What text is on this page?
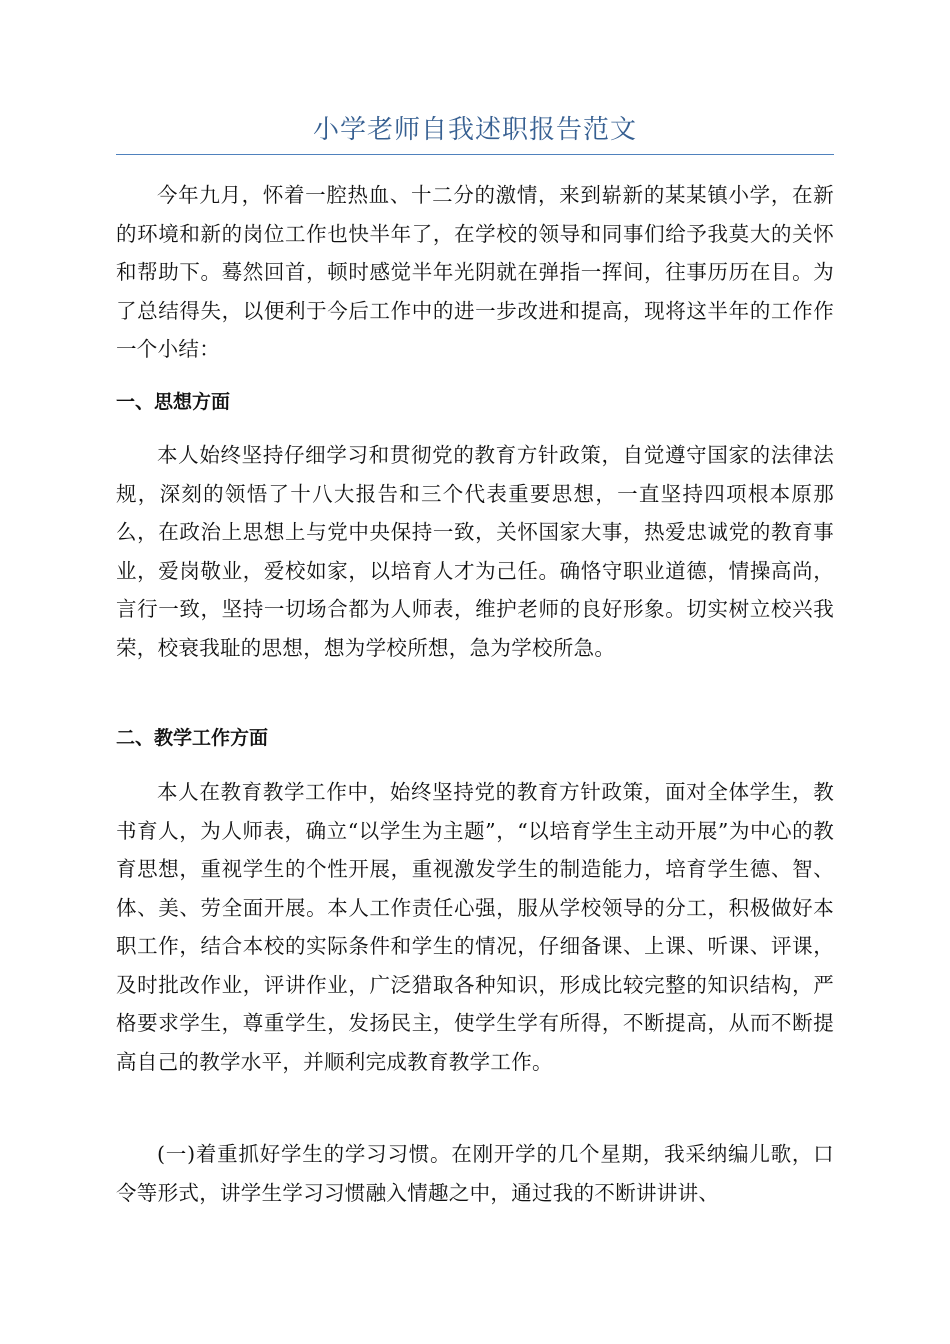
小学老师自我述职报告范文

今年九月，怀着一腔热血、十二分的激情，来到崭新的某某镇小学，在新的环境和新的岗位工作也快半年了，在学校的领导和同事们给予我莫大的关怀和帮助下。蓦然回首，顿时感觉半年光阴就在弹指一挥间，往事历历在目。为了总结得失，以便利于今后工作中的进一步改进和提高，现将这半年的工作作一个小结：

一、思想方面

本人始终坚持仔细学习和贯彻党的教育方针政策，自觉遵守国家的法律法规，深刻的领悟了十八大报告和三个代表重要思想，一直坚持四项根本原那么，在政治上思想上与党中央保持一致，关怀国家大事，热爱忠诚党的教育事业，爱岗敬业，爱校如家，以培育人才为己任。确恪守职业道德，情操高尚，言行一致，坚持一切场合都为人师表，维护老师的良好形象。切实树立校兴我荣，校衰我耻的思想，想为学校所想，急为学校所急。

二、教学工作方面

本人在教育教学工作中，始终坚持党的教育方针政策，面对全体学生，教书育人，为人师表，确立“以学生为主题”，“以培育学生主动开展”为中心的教育思想，重视学生的个性开展，重视激发学生的制造能力，培育学生德、智、体、美、劳全面开展。本人工作责任心强，服从学校领导的分工，积极做好本职工作，结合本校的实际条件和学生的情况，仔细备课、上课、听课、评课，及时批改作业，评讲作业，广泛猎取各种知识，形成比较完整的知识结构，严格要求学生，尊重学生，发扬民主，使学生学有所得，不断提高，从而不断提高自己的教学水平，并顺利完成教育教学工作。

(一)着重抓好学生的学习习惯。在刚开学的几个星期，我采纳编儿歌，口令等形式，讲学生学习习惯融入情趣之中，通过我的不断讲讲讲、
